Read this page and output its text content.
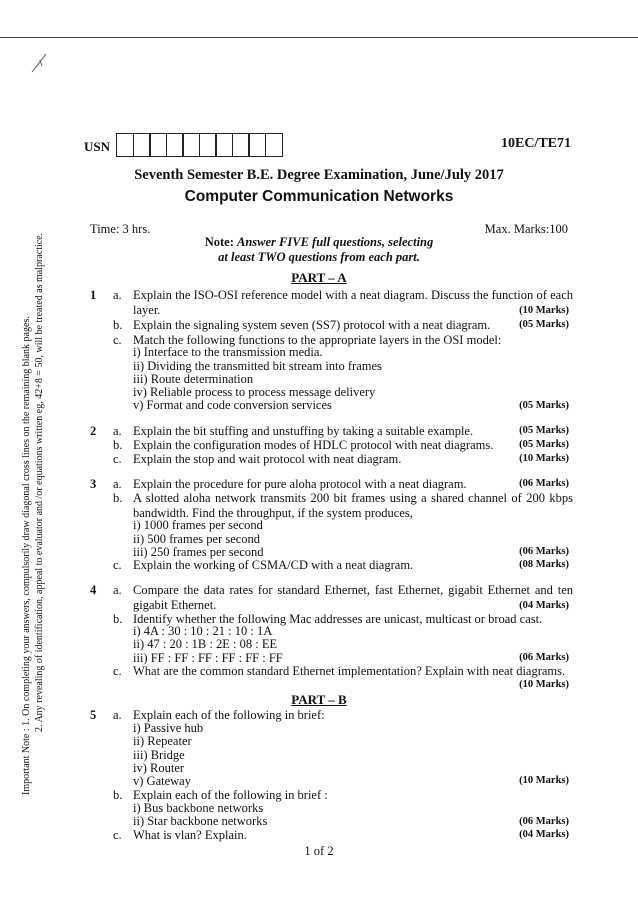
USN	10EC/TE71
Seventh Semester B.E. Degree Examination, June/July 2017
Computer Communication Networks
Time: 3 hrs.	Max. Marks:100
Note: Answer FIVE full questions, selecting
at least TWO questions from each part.
Important Note : 1. On completing your answers, compulsorily draw diagonal cross lines on the remaining blank pages. 2. Any revealing of identification, appeal to evaluator and /or equations written eg, 42+8 = 50, will be treated as malpractice.	PART – A
1 a. Explain the ISO-OSI reference model with a neat diagram. Discuss the function of each layer.	(10 Marks)
b. Explain the signaling system seven (SS7) protocol with a neat diagram.	(05 Marks)
c. Match the following functions to the appropriate layers in the OSI model:
i) Interface to the transmission media.
ii) Dividing the transmitted bit stream into frames
iii) Route determination
iv) Reliable process to process message delivery
v) Format and code conversion services	(05 Marks)
2 a. Explain the bit stuffing and unstuffing by taking a suitable example.	(05 Marks)
b. Explain the configuration modes of HDLC protocol with neat diagrams.	(05 Marks)
c. Explain the stop and wait protocol with neat diagram.	(10 Marks)
3 a. Explain the procedure for pure aloha protocol with a neat diagram.	(06 Marks)
b. A slotted aloha network transmits 200 bit frames using a shared channel of 200 kbps bandwidth. Find the throughput, if the system produces,
i) 1000 frames per second
ii) 500 frames per second
iii) 250 frames per second	(06 Marks)
c. Explain the working of CSMA/CD with a neat diagram.	(08 Marks)
4 a. Compare the data rates for standard Ethernet, fast Ethernet, gigabit Ethernet and ten gigabit Ethernet.	(04 Marks)
b. Identify whether the following Mac addresses are unicast, multicast or broad cast.
i) 4A : 30 : 10 : 21 : 10 : 1A
ii) 47 : 20 : 1B : 2E : 08 : EE
iii) FF : FF : FF : FF : FF : FF	(06 Marks)
c. What are the common standard Ethernet implementation? Explain with neat diagrams.
(10 Marks)
PART – B
5 a. Explain each of the following in brief:
i) Passive hub
ii) Repeater
iii) Bridge
iv) Router
v) Gateway	(10 Marks)
b. Explain each of the following in brief :
i) Bus backbone networks
ii) Star backbone networks	(06 Marks)
c. What is vlan? Explain.	(04 Marks)
1 of 2
